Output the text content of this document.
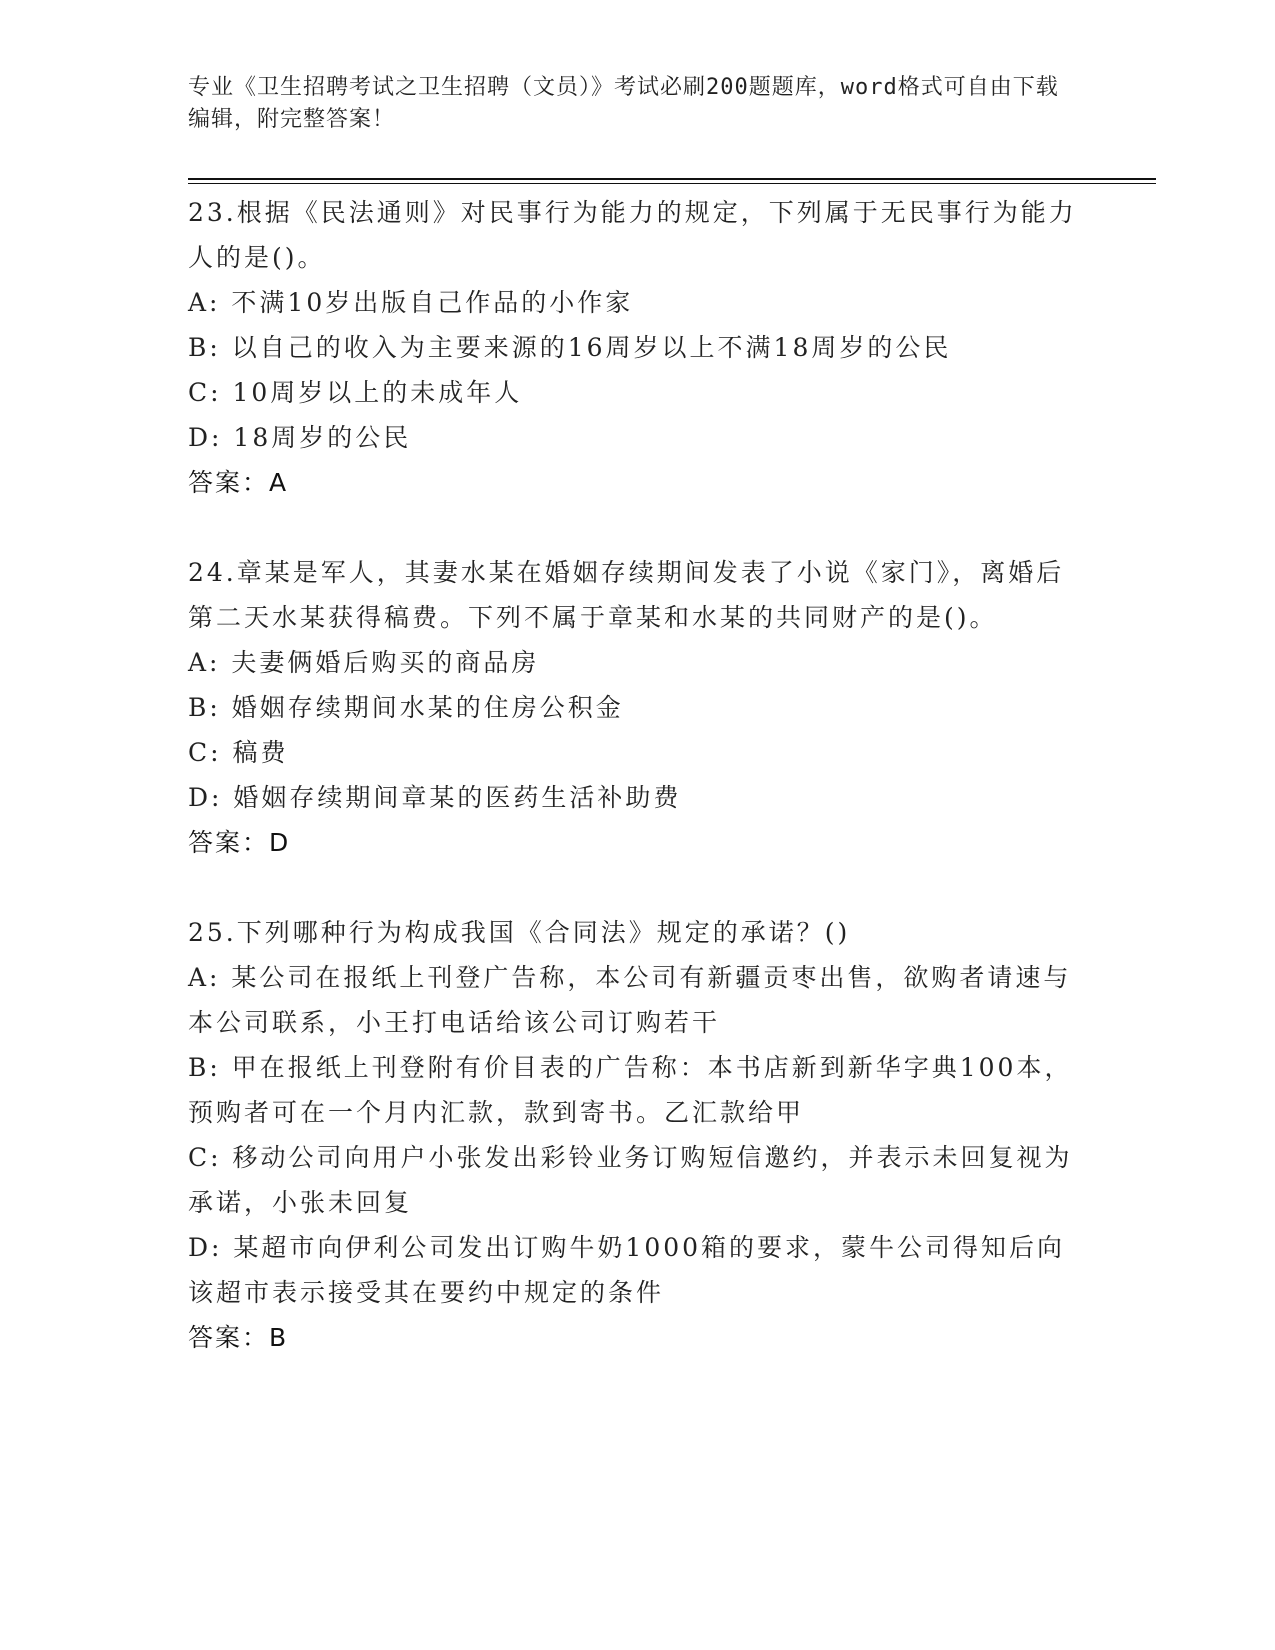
专业《卫生招聘考试之卫生招聘（文员）》考试必刷200题题库，word格式可自由下载编辑，附完整答案！

23.根据《民法通则》对民事行为能力的规定，下列属于无民事行为能力人的是()。

A: 不满10岁出版自己作品的小作家

B: 以自己的收入为主要来源的16周岁以上不满18周岁的公民

C: 10周岁以上的未成年人

D: 18周岁的公民

答案：A

24.章某是军人，其妻水某在婚姻存续期间发表了小说《家门》，离婚后第二天水某获得稿费。下列不属于章某和水某的共同财产的是()。

A: 夫妻俩婚后购买的商品房

B: 婚姻存续期间水某的住房公积金

C: 稿费

D: 婚姻存续期间章某的医药生活补助费

答案：D

25.下列哪种行为构成我国《合同法》规定的承诺？()

A: 某公司在报纸上刊登广告称，本公司有新疆贡枣出售，欲购者请速与本公司联系，小王打电话给该公司订购若干

B: 甲在报纸上刊登附有价目表的广告称：本书店新到新华字典100本，预购者可在一个月内汇款，款到寄书。乙汇款给甲

C: 移动公司向用户小张发出彩铃业务订购短信邀约，并表示未回复视为承诺，小张未回复

D: 某超市向伊利公司发出订购牛奶1000箱的要求，蒙牛公司得知后向该超市表示接受其在要约中规定的条件

答案：B
